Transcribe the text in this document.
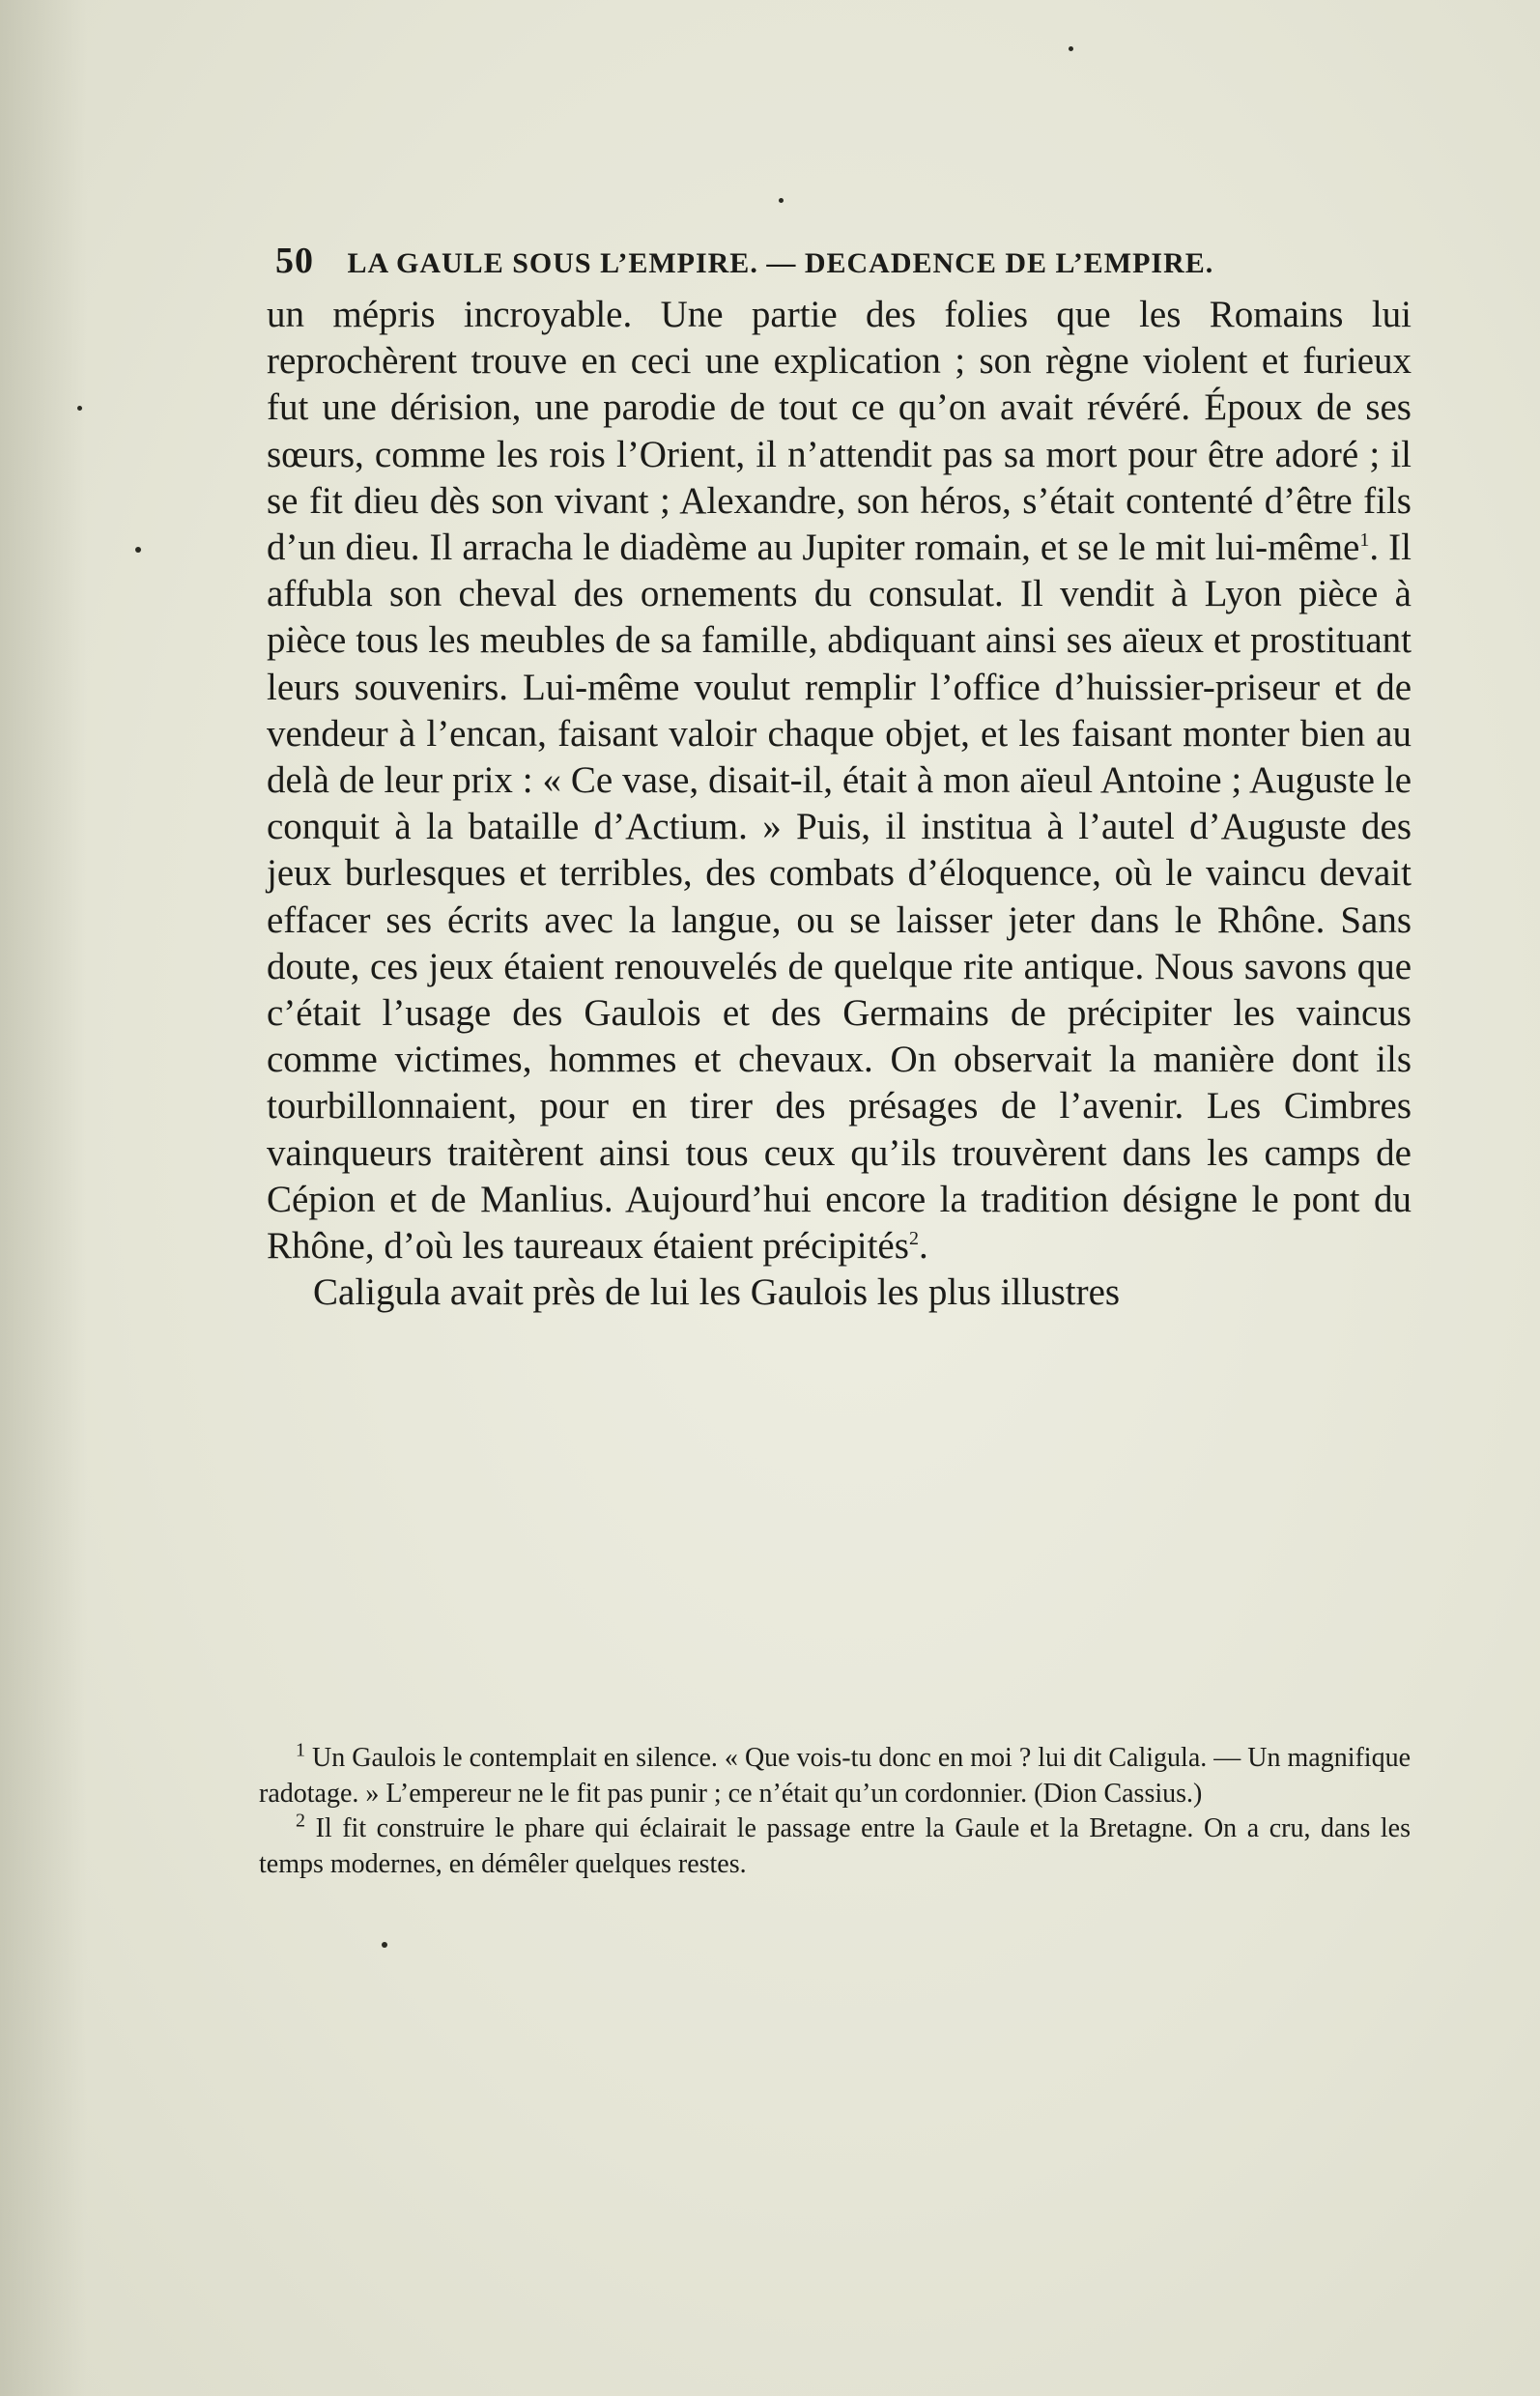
50 LA GAULE SOUS L’EMPIRE. — DECADENCE DE L’EMPIRE.

un mépris incroyable. Une partie des folies que les Romains lui reprochèrent trouve en ceci une explication ; son règne violent et furieux fut une dérision, une parodie de tout ce qu’on avait révéré. Époux de ses sœurs, comme les rois l’Orient, il n’attendit pas sa mort pour être adoré ; il se fit dieu dès son vivant ; Alexandre, son héros, s’était contenté d’être fils d’un dieu. Il arracha le diadème au Jupiter romain, et se le mit lui-même$^1$. Il affubla son cheval des ornements du consulat. Il vendit à Lyon pièce à pièce tous les meubles de sa famille, abdiquant ainsi ses aïeux et prostituant leurs souvenirs. Lui-même voulut remplir l’office d’huissier-priseur et de vendeur à l’encan, faisant valoir chaque objet, et les faisant monter bien au delà de leur prix : « Ce vase, disait-il, était à mon aïeul Antoine ; Auguste le conquit à la bataille d’Actium. » Puis, il institua à l’autel d’Auguste des jeux burlesques et terribles, des combats d’éloquence, où le vaincu devait effacer ses écrits avec la langue, ou se laisser jeter dans le Rhône. Sans doute, ces jeux étaient renouvelés de quelque rite antique. Nous savons que c’était l’usage des Gaulois et des Germains de précipiter les vaincus comme victimes, hommes et chevaux. On observait la manière dont ils tourbillonnaient, pour en tirer des présages de l’avenir. Les Cimbres vainqueurs traitèrent ainsi tous ceux qu’ils trouvèrent dans les camps de Cépion et de Manlius. Aujourd’hui encore la tradition désigne le pont du Rhône, d’où les taureaux étaient précipités$^2$.

Caligula avait près de lui les Gaulois les plus illustres

$^1$ Un Gaulois le contemplait en silence. « Que vois-tu donc en moi ? lui dit Caligula. — Un magnifique radotage. » L’empereur ne le fit pas punir ; ce n’était qu’un cordonnier. (Dion Cassius.)

$^2$ Il fit construire le phare qui éclairait le passage entre la Gaule et la Bretagne. On a cru, dans les temps modernes, en démêler quelques restes.
